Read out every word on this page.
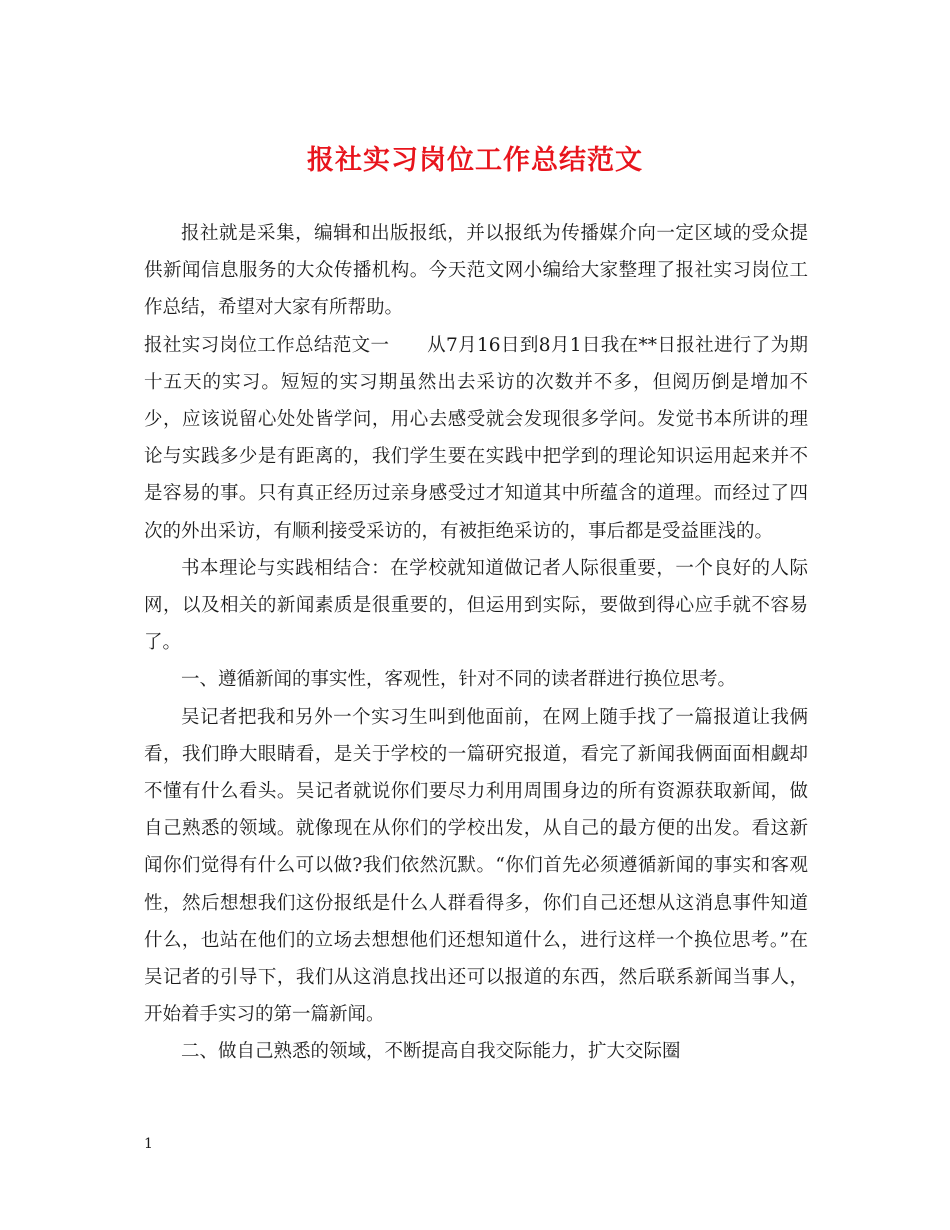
报社实习岗位工作总结范文

报社就是采集，编辑和出版报纸，并以报纸为传播媒介向一定区域的受众提供新闻信息服务的大众传播机构。今天范文网小编给大家整理了报社实习岗位工作总结，希望对大家有所帮助。

报社实习岗位工作总结范文一　　从7月16日到8月1日我在**日报社进行了为期十五天的实习。短短的实习期虽然出去采访的次数并不多，但阅历倒是增加不少，应该说留心处处皆学问，用心去感受就会发现很多学问。发觉书本所讲的理论与实践多少是有距离的，我们学生要在实践中把学到的理论知识运用起来并不是容易的事。只有真正经历过亲身感受过才知道其中所蕴含的道理。而经过了四次的外出采访，有顺利接受采访的，有被拒绝采访的，事后都是受益匪浅的。

书本理论与实践相结合：在学校就知道做记者人际很重要，一个良好的人际网，以及相关的新闻素质是很重要的，但运用到实际，要做到得心应手就不容易了。

一、遵循新闻的事实性，客观性，针对不同的读者群进行换位思考。

吴记者把我和另外一个实习生叫到他面前，在网上随手找了一篇报道让我俩看，我们睁大眼睛看，是关于学校的一篇研究报道，看完了新闻我俩面面相觑却不懂有什么看头。吴记者就说你们要尽力利用周围身边的所有资源获取新闻，做自己熟悉的领域。就像现在从你们的学校出发，从自己的最方便的出发。看这新闻你们觉得有什么可以做?我们依然沉默。“你们首先必须遵循新闻的事实和客观性，然后想想我们这份报纸是什么人群看得多，你们自己还想从这消息事件知道什么，也站在他们的立场去想想他们还想知道什么，进行这样一个换位思考。”在吴记者的引导下，我们从这消息找出还可以报道的东西，然后联系新闻当事人，开始着手实习的第一篇新闻。

二、做自己熟悉的领域，不断提高自我交际能力，扩大交际圈

1
